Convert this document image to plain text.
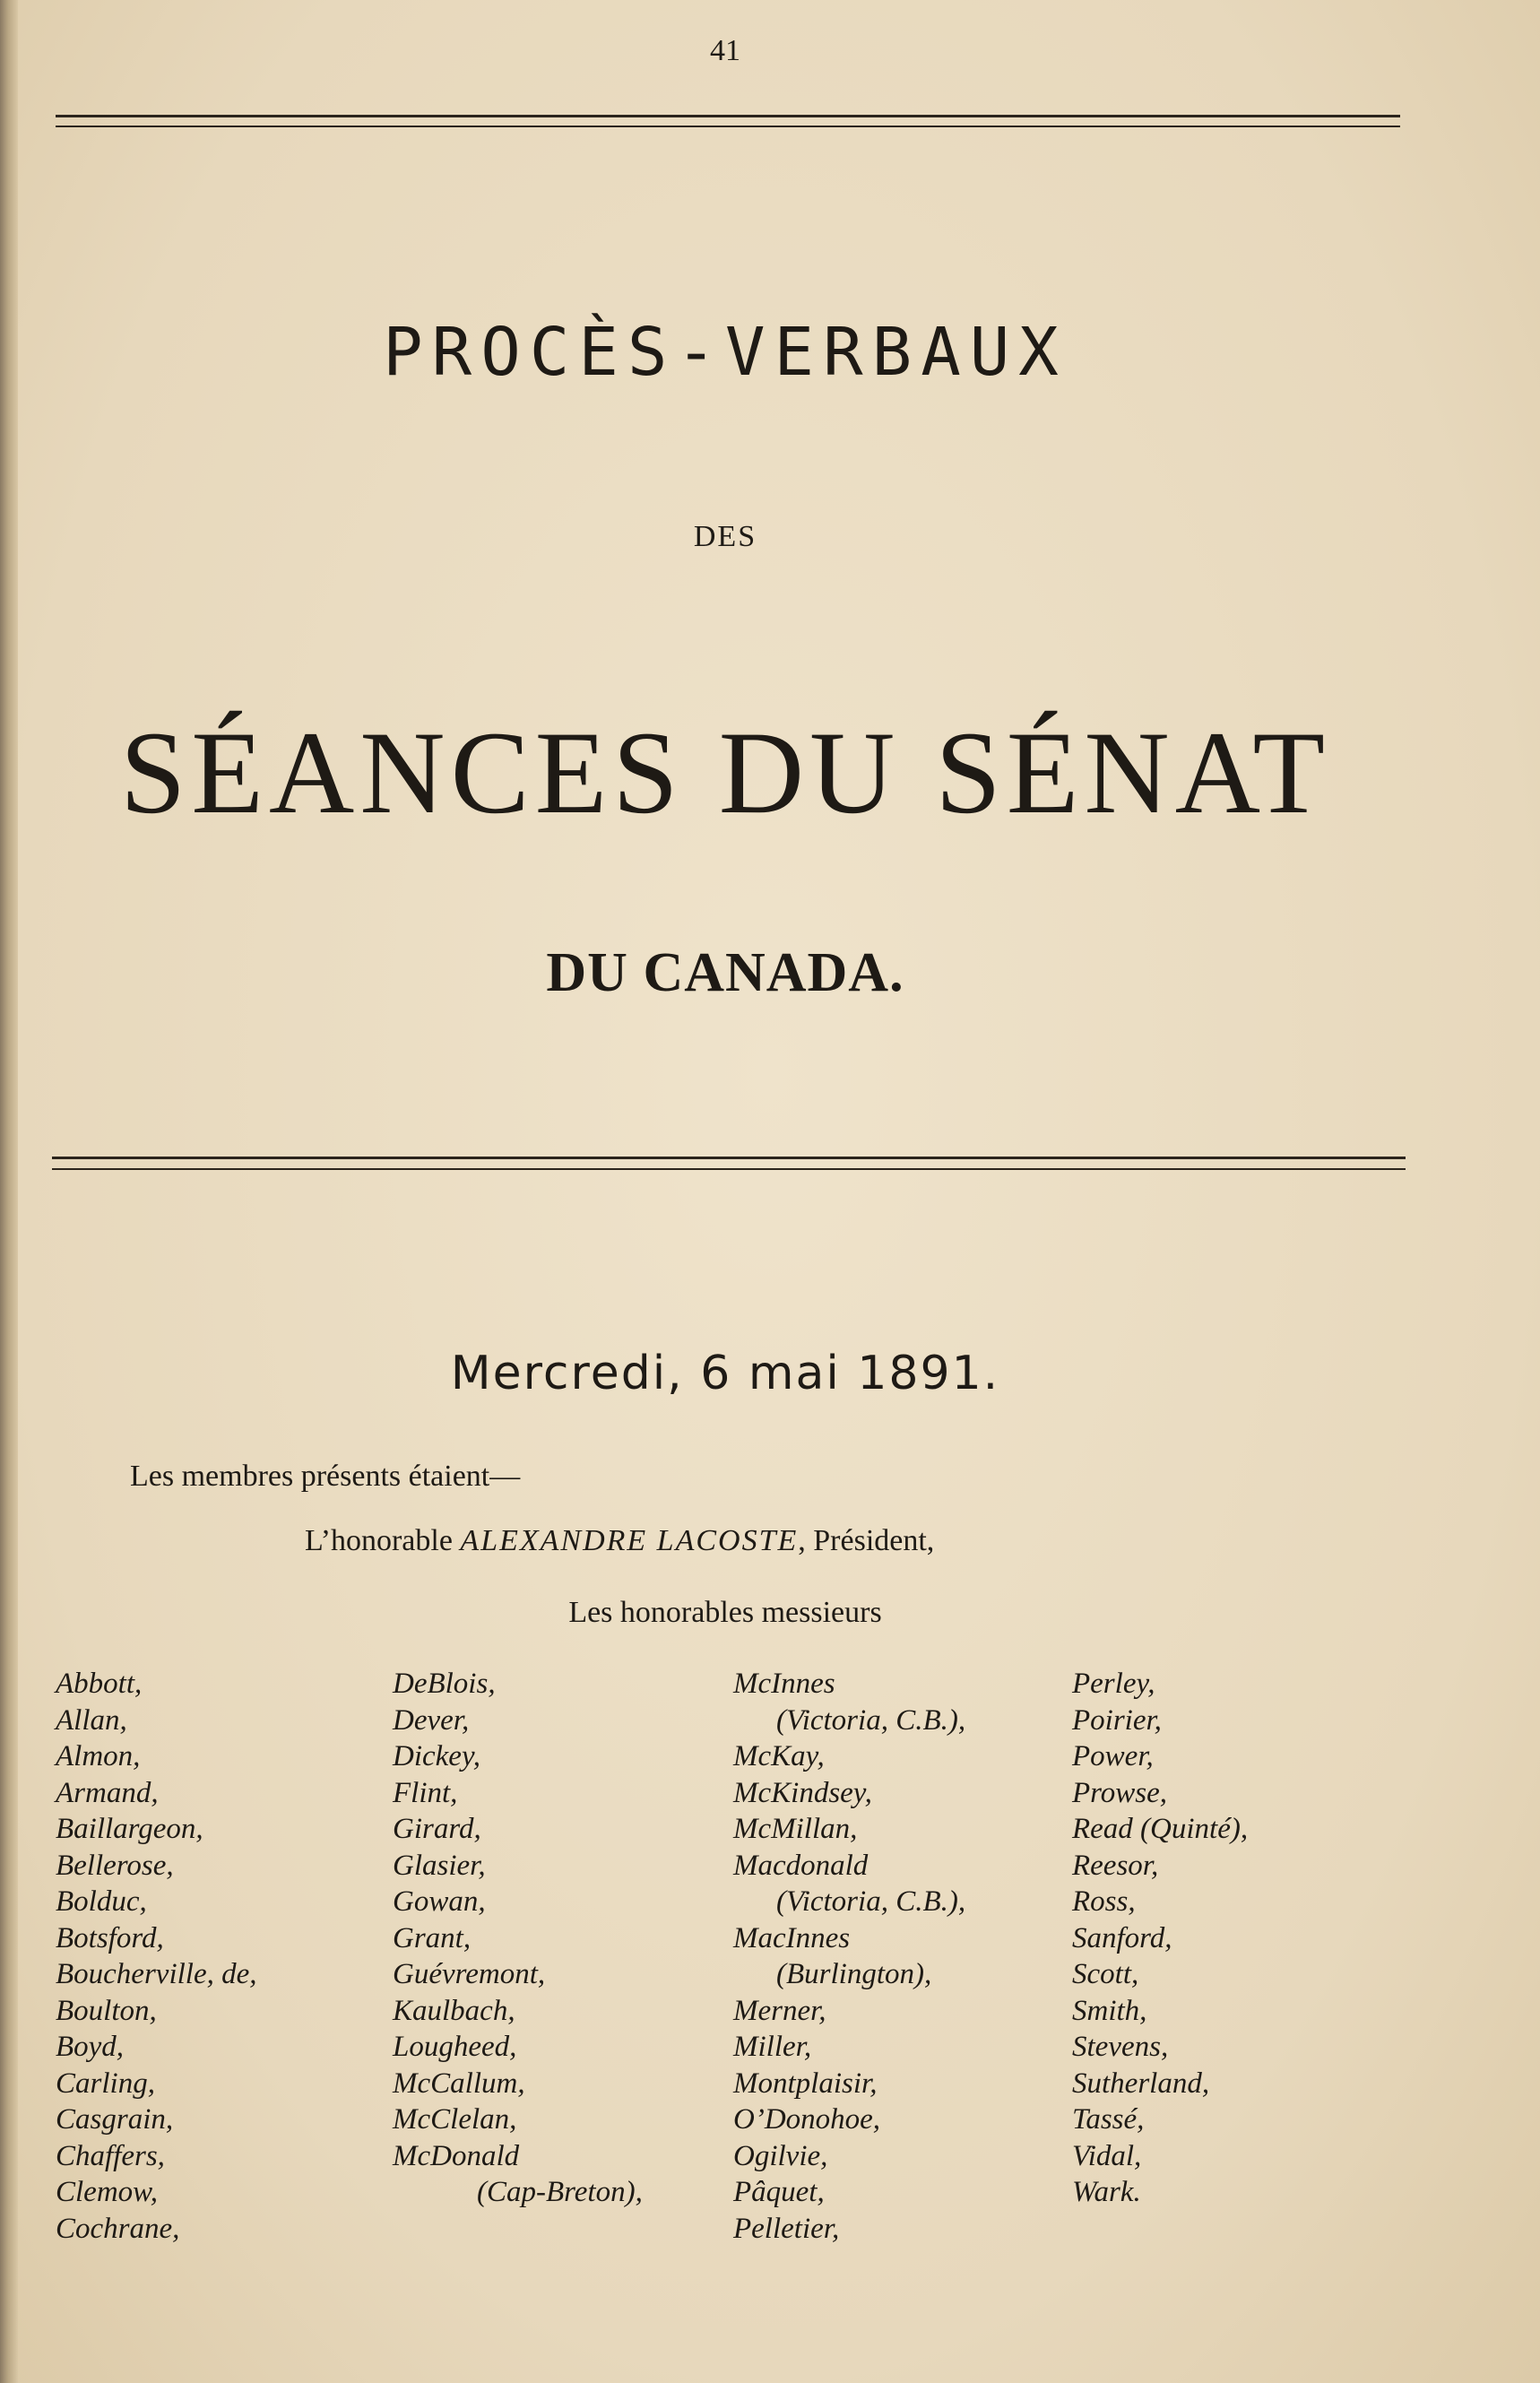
41
PROCÈS-VERBAUX
DES
SÉANCES DU SÉNAT
DU CANADA.
Mercredi, 6 mai 1891.
Les membres présents étaient—
L’honorable ALEXANDRE LACOSTE, Président,
Les honorables messieurs
Abbott,
Allan,
Almon,
Armand,
Baillargeon,
Bellerose,
Bolduc,
Botsford,
Boucherville, de,
Boulton,
Boyd,
Carling,
Casgrain,
Chaffers,
Clemow,
Cochrane,
DeBlois,
Dever,
Dickey,
Flint,
Girard,
Glasier,
Gowan,
Grant,
Guévremont,
Kaulbach,
Lougheed,
McCallum,
McClelan,
McDonald
(Cap-Breton),
McInnes
(Victoria, C.B.),
McKay,
McKindsey,
McMillan,
Macdonald
(Victoria, C.B.),
MacInnes
(Burlington),
Merner,
Miller,
Montplaisir,
O’Donohoe,
Ogilvie,
Pâquet,
Pelletier,
Perley,
Poirier,
Power,
Prowse,
Read (Quinté),
Reesor,
Ross,
Sanford,
Scott,
Smith,
Stevens,
Sutherland,
Tassé,
Vidal,
Wark.
